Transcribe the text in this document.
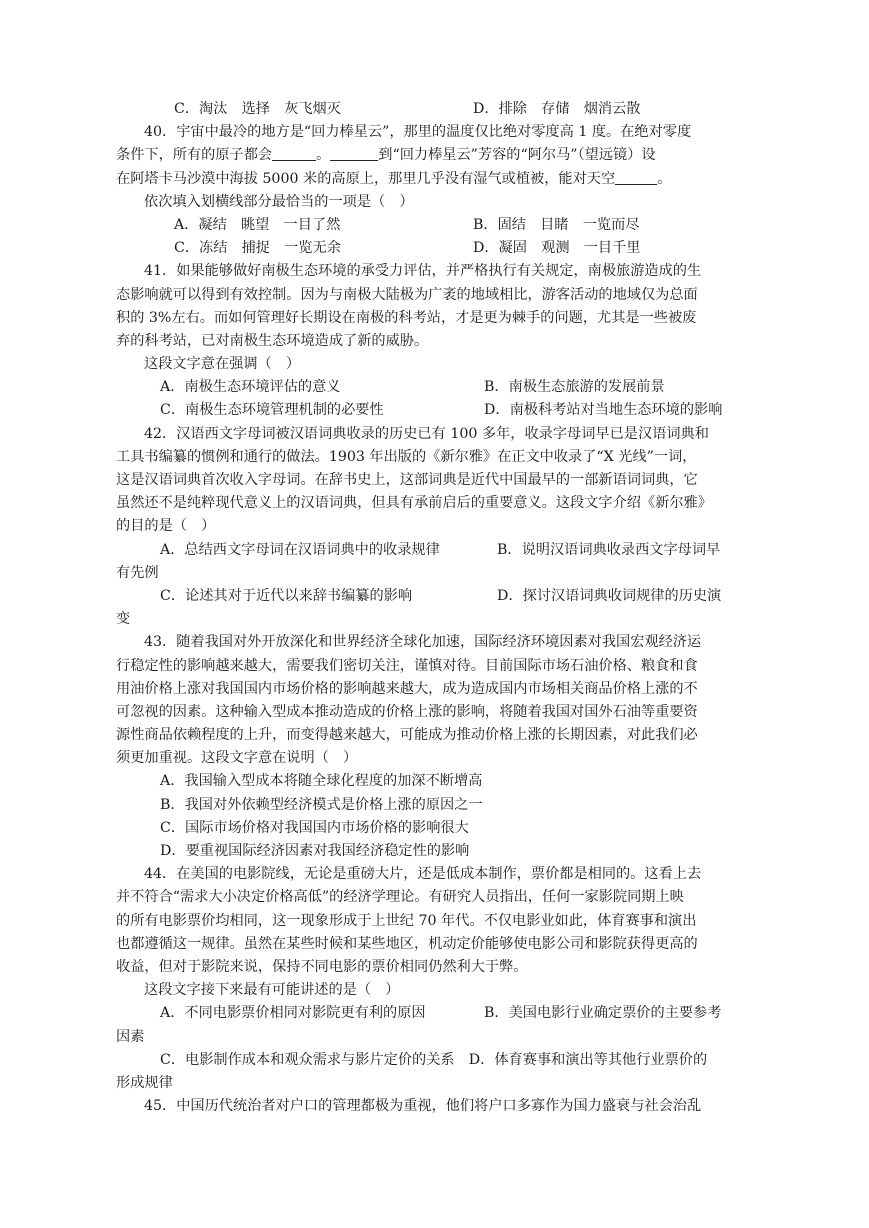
C．淘汰　选择　灰飞烟灭	D．排除　存储　烟消云散
40．宇宙中最冷的地方是“回力棒星云”，那里的温度仅比绝对零度高 1 度。在绝对零度
条件下，所有的原子都会	。	到“回力棒星云”芳容的“阿尔马”（望远镜）设
在阿塔卡马沙漠中海拔 5000 米的高原上，那里几乎没有湿气或植被，能对天空	。
依次填入划横线部分最恰当的一项是（　）
A．凝结　眺望　一目了然	B．固结　目睹　一览而尽
C．冻结　捕捉　一览无余	D．凝固　观测　一目千里
41．如果能够做好南极生态环境的承受力评估，并严格执行有关规定，南极旅游造成的生
态影响就可以得到有效控制。因为与南极大陆极为广袤的地域相比，游客活动的地域仅为总面
积的 3%左右。而如何管理好长期设在南极的科考站，才是更为棘手的问题，尤其是一些被废
弃的科考站，已对南极生态环境造成了新的威胁。
这段文字意在强调（　）
A．南极生态环境评估的意义	B．南极生态旅游的发展前景
C．南极生态环境管理机制的必要性	D．南极科考站对当地生态环境的影响
42．汉语西文字母词被汉语词典收录的历史已有 100 多年，收录字母词早已是汉语词典和
工具书编纂的惯例和通行的做法。1903 年出版的《新尔雅》在正文中收录了“X 光线”一词，
这是汉语词典首次收入字母词。在辞书史上，这部词典是近代中国最早的一部新语词词典，它
虽然还不是纯粹现代意义上的汉语词典，但具有承前启后的重要意义。这段文字介绍《新尔雅》
的目的是（　）
A．总结西文字母词在汉语词典中的收录规律	B．说明汉语词典收录西文字母词早
有先例
C．论述其对于近代以来辞书编纂的影响	D．探讨汉语词典收词规律的历史演
变
43．随着我国对外开放深化和世界经济全球化加速，国际经济环境因素对我国宏观经济运
行稳定性的影响越来越大，需要我们密切关注，谨慎对待。目前国际市场石油价格、粮食和食
用油价格上涨对我国国内市场价格的影响越来越大，成为造成国内市场相关商品价格上涨的不
可忽视的因素。这种输入型成本推动造成的价格上涨的影响，将随着我国对国外石油等重要资
源性商品依赖程度的上升，而变得越来越大，可能成为推动价格上涨的长期因素，对此我们必
须更加重视。这段文字意在说明（　）
A．我国输入型成本将随全球化程度的加深不断增高
B．我国对外依赖型经济模式是价格上涨的原因之一
C．国际市场价格对我国国内市场价格的影响很大
D．要重视国际经济因素对我国经济稳定性的影响
44．在美国的电影院线，无论是重磅大片，还是低成本制作，票价都是相同的。这看上去
并不符合“需求大小决定价格高低”的经济学理论。有研究人员指出，任何一家影院同期上映
的所有电影票价均相同，这一现象形成于上世纪 70 年代。不仅电影业如此，体育赛事和演出
也都遵循这一规律。虽然在某些时候和某些地区，机动定价能够使电影公司和影院获得更高的
收益，但对于影院来说，保持不同电影的票价相同仍然利大于弊。
这段文字接下来最有可能讲述的是（　）
A．不同电影票价相同对影院更有利的原因	B．美国电影行业确定票价的主要参考
因素
C．电影制作成本和观众需求与影片定价的关系　D．体育赛事和演出等其他行业票价的
形成规律
45．中国历代统治者对户口的管理都极为重视，他们将户口多寡作为国力盛衰与社会治乱
